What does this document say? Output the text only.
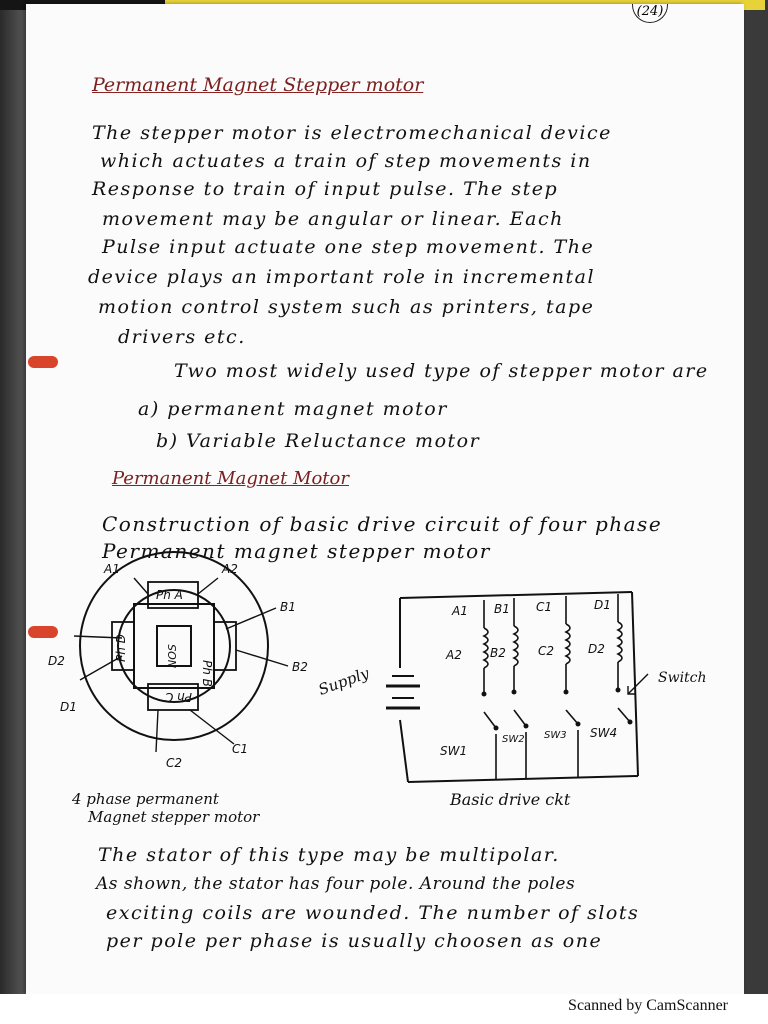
(24)
Permanent Magnet Stepper motor
The stepper motor is electromechanical device
which actuates a train of step movements in
Response to train of input pulse. The step
movement may be angular or linear. Each
Pulse input actuate one step movement. The
device plays an important role in incremental
motion control system such as printers, tape
drivers etc.
Two most widely used type of stepper motor are
a) permanent magnet motor
b) Variable Reluctance motor
Permanent Magnet Motor
Construction of basic drive circuit of four phase
Permanent magnet stepper motor
A1	A2
B1
B2
D2
D1
C2
C1
Ph A
Ph B
Ph C
Ph D	NOS
4 phase permanent
Magnet stepper motor
A1 B1 C1	D1
A2 B2	C2	D2
SW1
SW2 SW3 SW4
Supply	Switch
Basic drive ckt
The stator of this type may be multipolar.
As shown, the stator has four pole. Around the poles
exciting coils are wounded. The number of slots
per pole per phase is usually choosen as one
Scanned by CamScanner
